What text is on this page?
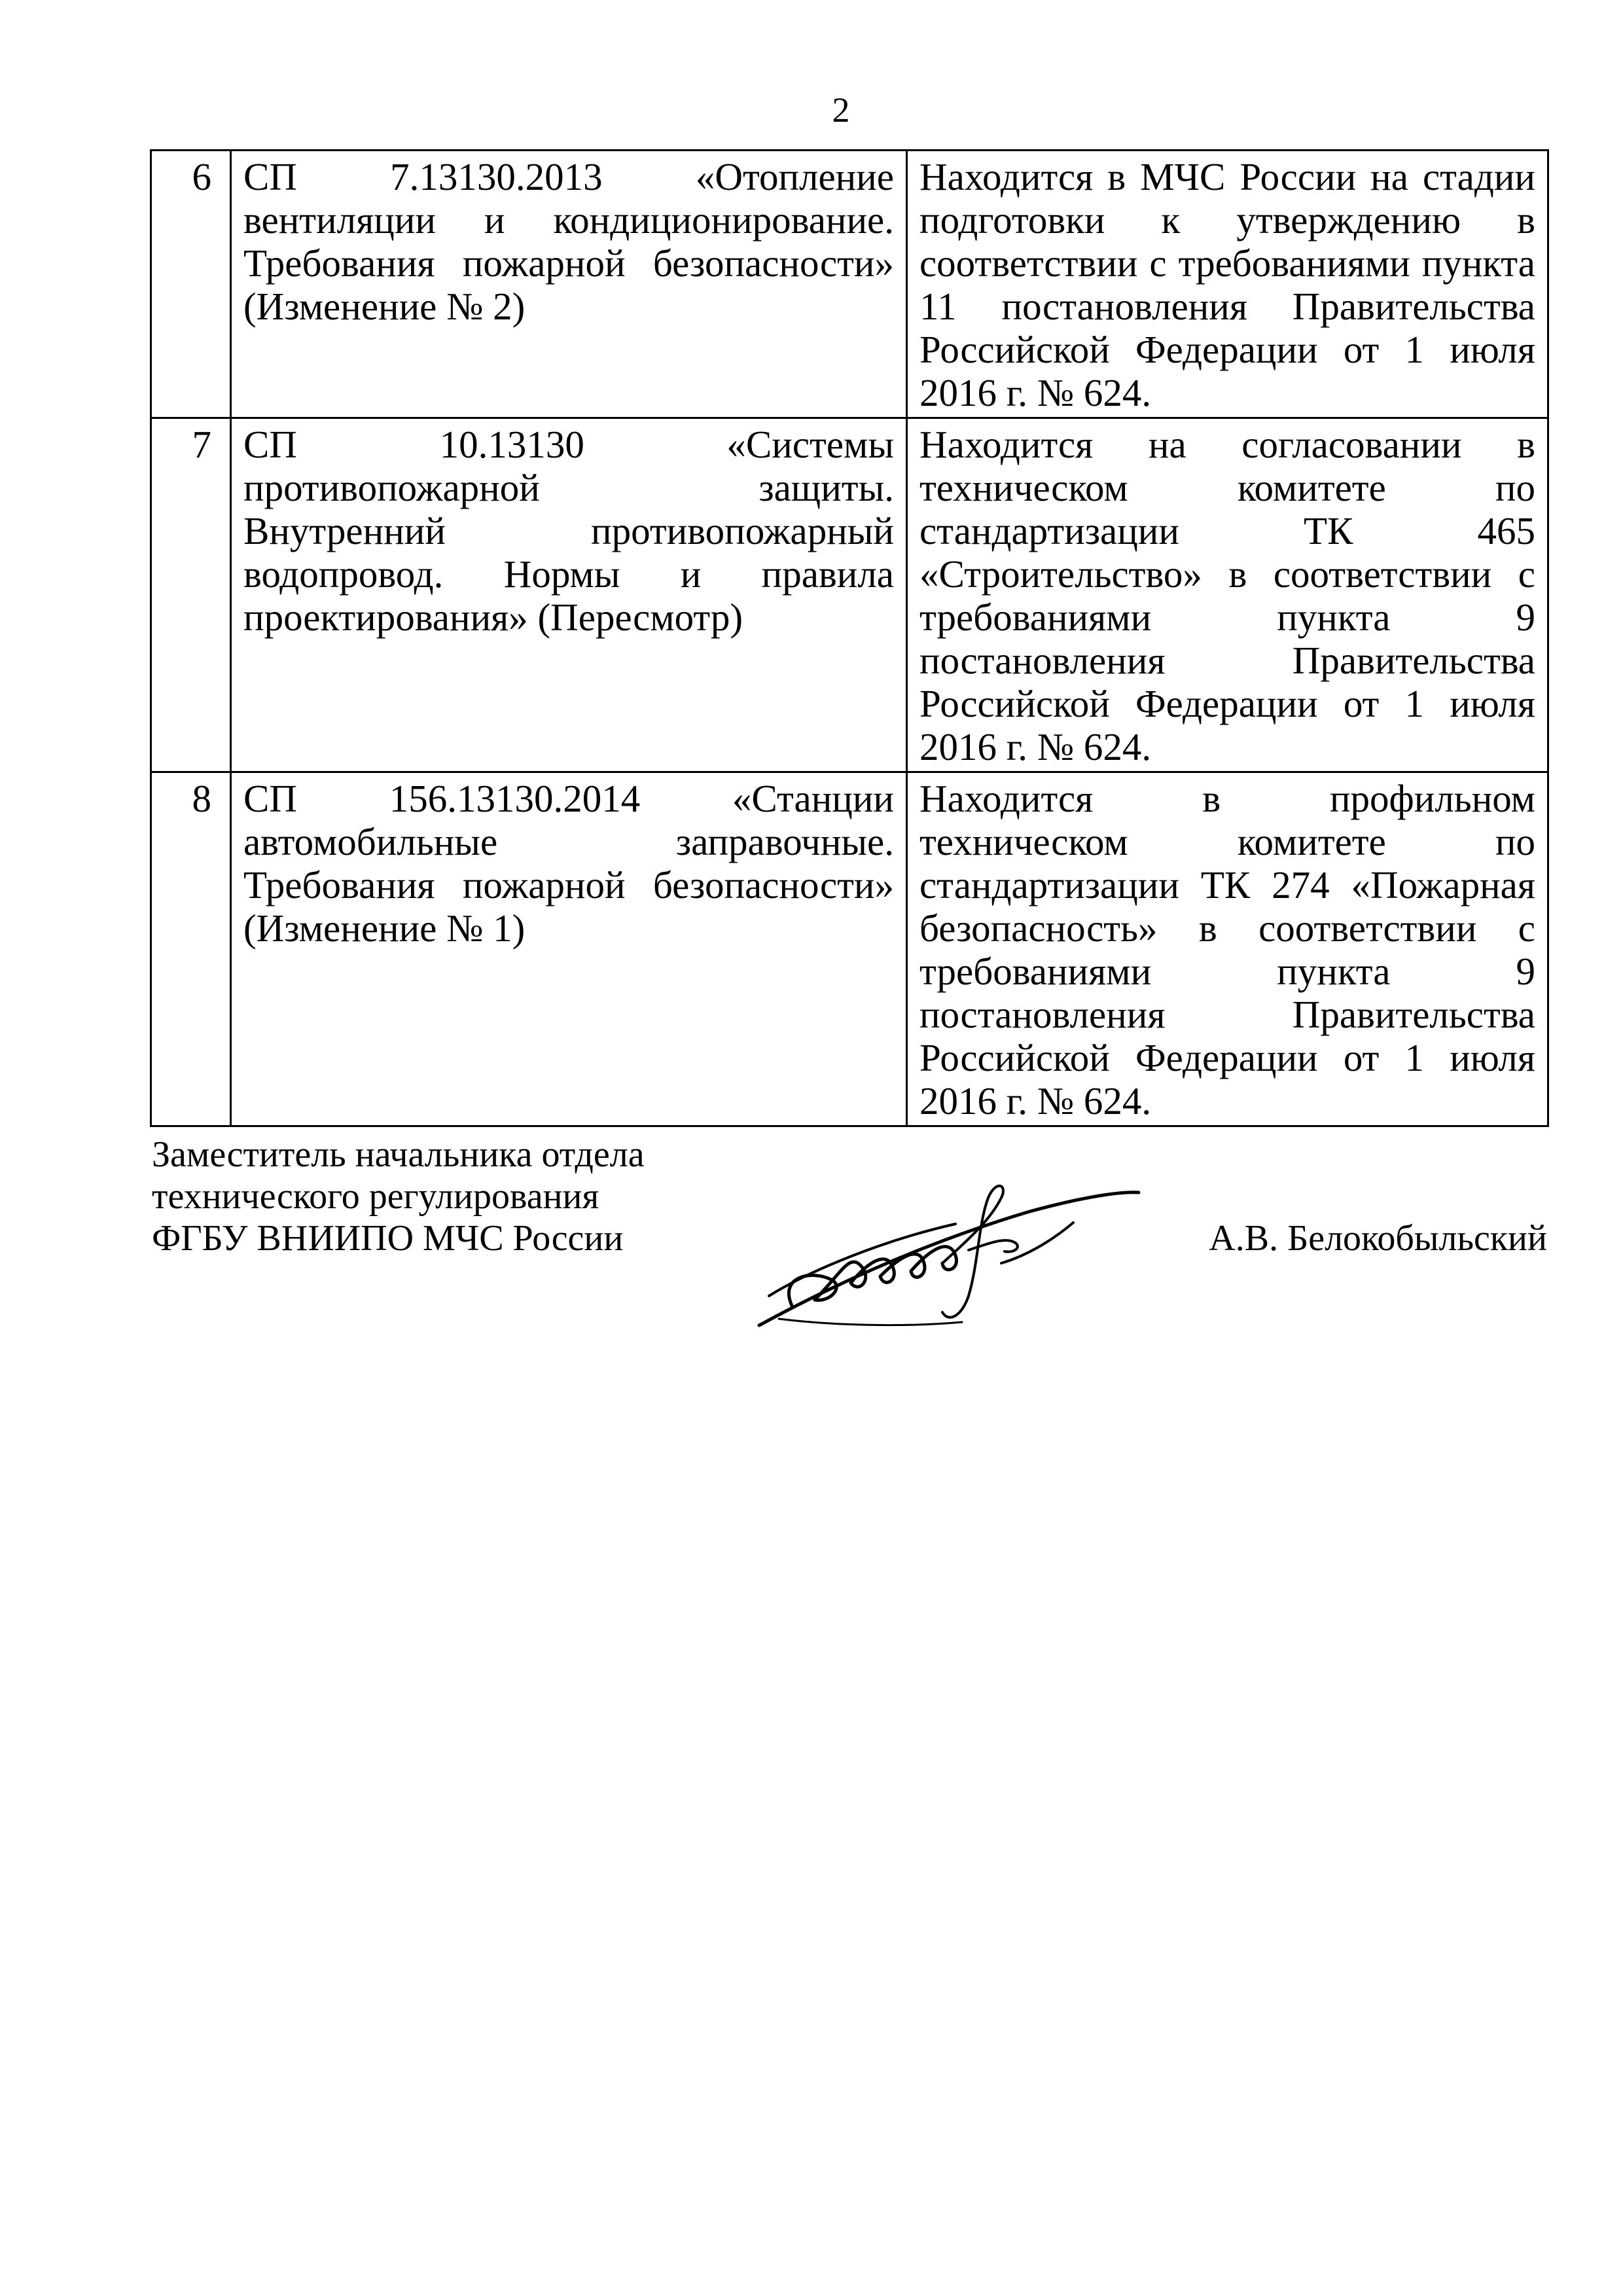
2
6	СП 7.13130.2013 «Отопление вентиляции и кондиционирование. Требования пожарной безопасности» (Изменение № 2)	Находится в МЧС России на стадии подготовки к утверждению в соответствии с требованиями пункта 11 постановления Правительства Российской Федерации от 1 июля 2016 г. № 624.
7	СП 10.13130 «Системы противопожарной защиты. Внутренний противопожарный водопровод. Нормы и правила проектирования» (Пересмотр)	Находится на согласовании в техническом комитете по стандартизации ТК 465 «Строительство» в соответствии с требованиями пункта 9 постановления Правительства Российской Федерации от 1 июля 2016 г. № 624.
8	СП 156.13130.2014 «Станции автомобильные заправочные. Требования пожарной безопасности» (Изменение № 1)	Находится в профильном техническом комитете по стандартизации ТК 274 «Пожарная безопасность» в соответствии с требованиями пункта 9 постановления Правительства Российской Федерации от 1 июля 2016 г. № 624.
Заместитель начальника отдела
технического регулирования
ФГБУ ВНИИПО МЧС России	А.В. Белокобыльский
